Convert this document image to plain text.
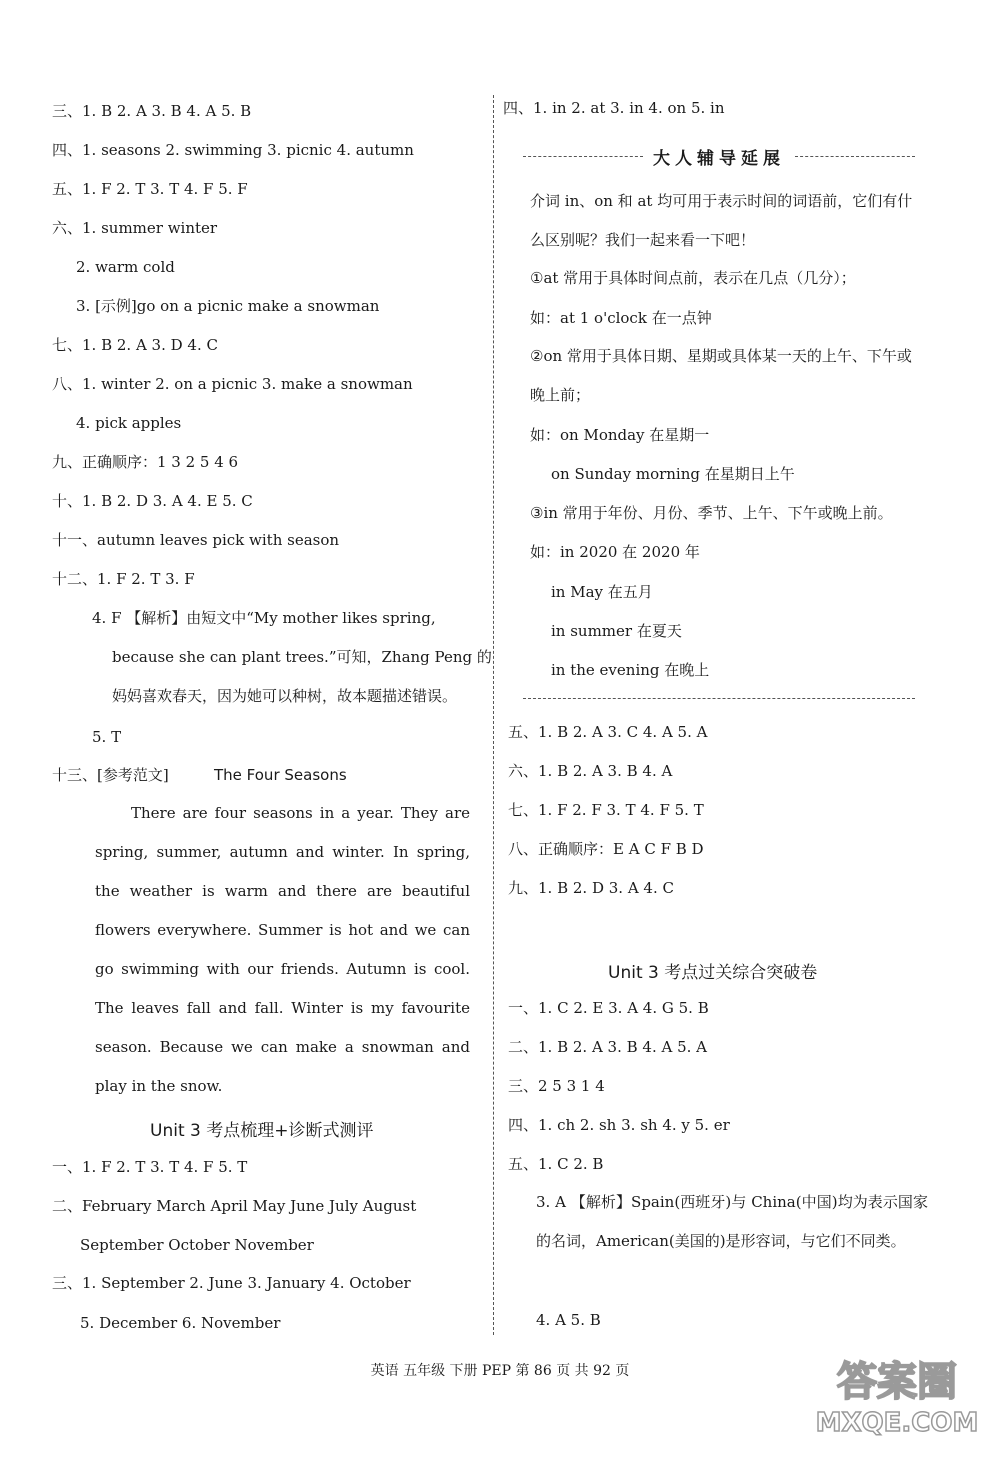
三、1. B 2. A 3. B 4. A 5. B
四、1. seasons 2. swimming 3. picnic 4. autumn
五、1. F 2. T 3. T 4. F 5. F
六、1. summer winter
2. warm cold
3. [示例]go on a picnic make a snowman
七、1. B 2. A 3. D 4. C
八、1. winter 2. on a picnic 3. make a snowman
4. pick apples
九、正确顺序：1 3 2 5 4 6
十、1. B 2. D 3. A 4. E 5. C
十一、autumn leaves pick with season
十二、1. F 2. T 3. F
4. F 【解析】由短文中“My mother likes spring,
because she can plant trees.”可知，Zhang Peng 的
妈妈喜欢春天，因为她可以种树，故本题描述错误。
5. T
十三、[参考范文]	The Four Seasons
There are four seasons in a year. They are spring, summer, autumn and winter. In spring, the weather is warm and there are beautiful flowers everywhere. Summer is hot and we can go swimming with our friends. Autumn is cool. The leaves fall and fall. Winter is my favourite season. Because we can make a snowman and play in the snow.
Unit 3 考点梳理+诊断式测评
一、1. F 2. T 3. T 4. F 5. T
二、February March April May June July August
September October November
三、1. September 2. June 3. January 4. October
5. December 6. November
四、1. in 2. at 3. in 4. on 5. in
大人辅导延展
介词 in、on 和 at 均可用于表示时间的词语前，它们有什么区别呢？我们一起来看一下吧！
①at 常用于具体时间点前，表示在几点（几分）；
如：at 1 o'clock 在一点钟
②on 常用于具体日期、星期或具体某一天的上午、下午或晚上前；
如：on Monday 在星期一
on Sunday morning 在星期日上午
③in 常用于年份、月份、季节、上午、下午或晚上前。
如：in 2020 在 2020 年
in May 在五月
in summer 在夏天
in the evening 在晚上
五、1. B 2. A 3. C 4. A 5. A
六、1. B 2. A 3. B 4. A
七、1. F 2. F 3. T 4. F 5. T
八、正确顺序：E A C F B D
九、1. B 2. D 3. A 4. C
Unit 3 考点过关综合突破卷
一、1. C 2. E 3. A 4. G 5. B
二、1. B 2. A 3. B 4. A 5. A
三、2 5 3 1 4
四、1. ch 2. sh 3. sh 4. y 5. er
五、1. C 2. B
3. A 【解析】Spain(西班牙)与 China(中国)均为表示国家的名词，American(美国的)是形容词，与它们不同类。
4. A 5. B
英语 五年级 下册 PEP 第 86 页 共 92 页	答案圈
MXQE.COM
